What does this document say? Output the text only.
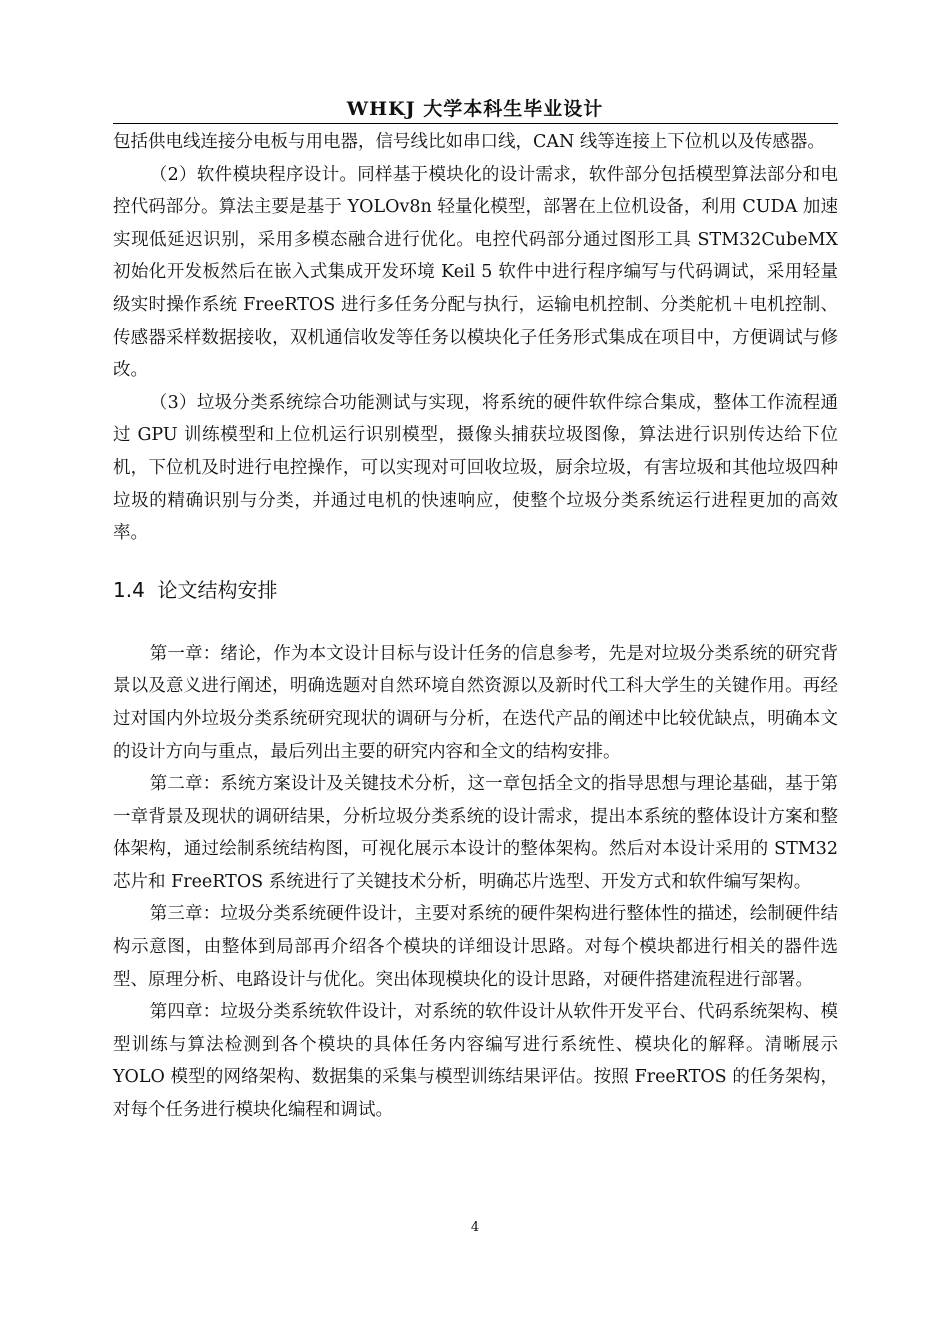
WHKJ 大学本科生毕业设计

包括供电线连接分电板与用电器，信号线比如串口线，CAN 线等连接上下位机以及传感器。

（2）软件模块程序设计。同样基于模块化的设计需求，软件部分包括模型算法部分和电控代码部分。算法主要是基于 YOLOv8n 轻量化模型，部署在上位机设备，利用 CUDA 加速实现低延迟识别，采用多模态融合进行优化。电控代码部分通过图形工具 STM32CubeMX 初始化开发板然后在嵌入式集成开发环境 Keil 5 软件中进行程序编写与代码调试，采用轻量级实时操作系统 FreeRTOS 进行多任务分配与执行，运输电机控制、分类舵机＋电机控制、传感器采样数据接收，双机通信收发等任务以模块化子任务形式集成在项目中，方便调试与修改。

（3）垃圾分类系统综合功能测试与实现，将系统的硬件软件综合集成，整体工作流程通过 GPU 训练模型和上位机运行识别模型，摄像头捕获垃圾图像，算法进行识别传达给下位机，下位机及时进行电控操作，可以实现对可回收垃圾，厨余垃圾，有害垃圾和其他垃圾四种垃圾的精确识别与分类，并通过电机的快速响应，使整个垃圾分类系统运行进程更加的高效率。

1.4 论文结构安排

第一章：绪论，作为本文设计目标与设计任务的信息参考，先是对垃圾分类系统的研究背景以及意义进行阐述，明确选题对自然环境自然资源以及新时代工科大学生的关键作用。再经过对国内外垃圾分类系统研究现状的调研与分析，在迭代产品的阐述中比较优缺点，明确本文的设计方向与重点，最后列出主要的研究内容和全文的结构安排。

第二章：系统方案设计及关键技术分析，这一章包括全文的指导思想与理论基础，基于第一章背景及现状的调研结果，分析垃圾分类系统的设计需求，提出本系统的整体设计方案和整体架构，通过绘制系统结构图，可视化展示本设计的整体架构。然后对本设计采用的 STM32 芯片和 FreeRTOS 系统进行了关键技术分析，明确芯片选型、开发方式和软件编写架构。

第三章：垃圾分类系统硬件设计，主要对系统的硬件架构进行整体性的描述，绘制硬件结构示意图，由整体到局部再介绍各个模块的详细设计思路。对每个模块都进行相关的器件选型、原理分析、电路设计与优化。突出体现模块化的设计思路，对硬件搭建流程进行部署。

第四章：垃圾分类系统软件设计，对系统的软件设计从软件开发平台、代码系统架构、模型训练与算法检测到各个模块的具体任务内容编写进行系统性、模块化的解释。清晰展示 YOLO 模型的网络架构、数据集的采集与模型训练结果评估。按照 FreeRTOS 的任务架构，对每个任务进行模块化编程和调试。

4
